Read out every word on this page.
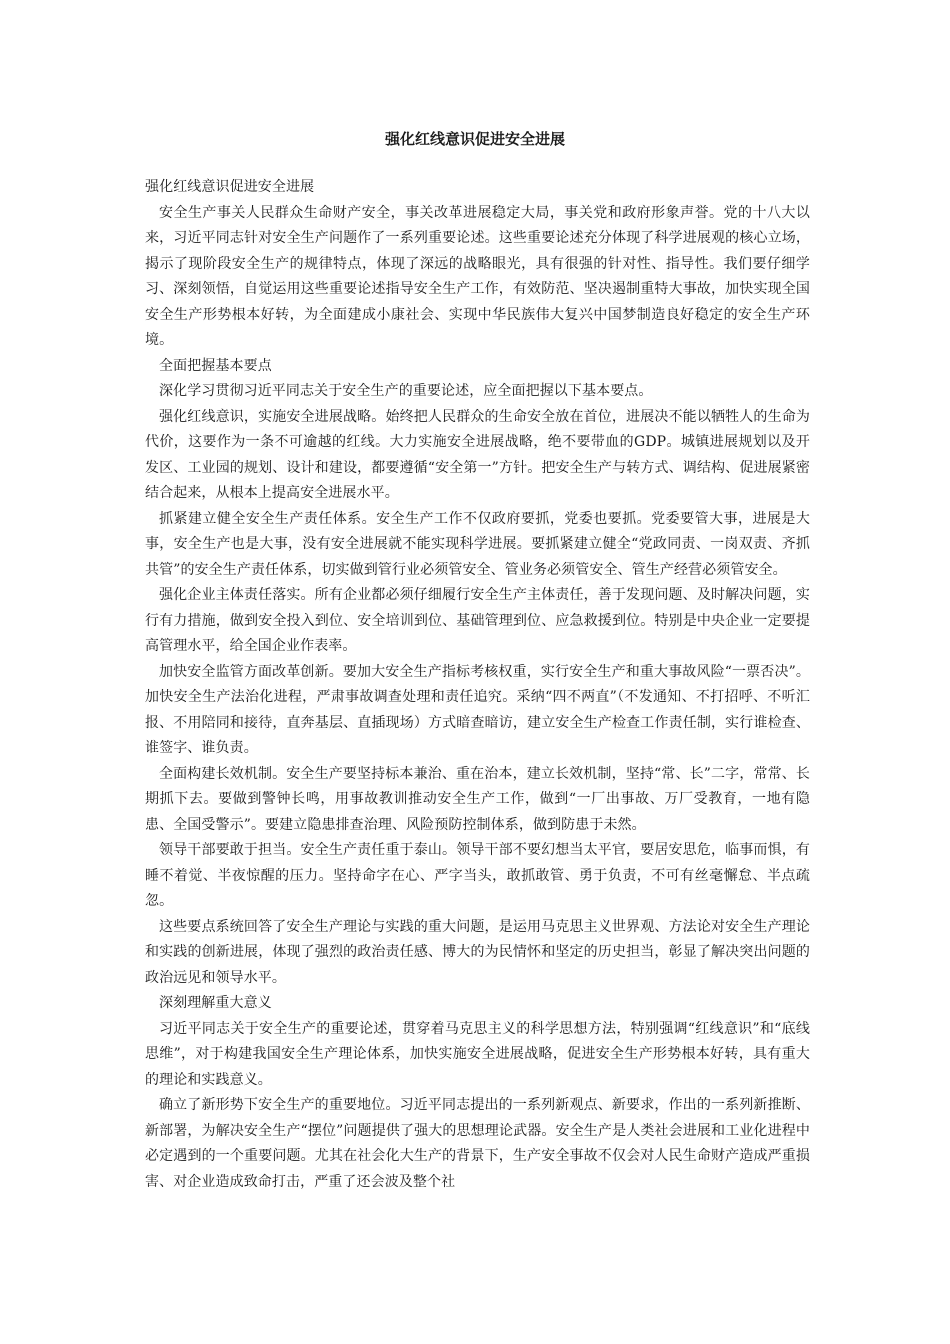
强化红线意识促进安全进展

强化红线意识促进安全进展

安全生产事关人民群众生命财产安全，事关改革进展稳定大局，事关党和政府形象声誉。党的十八大以来，习近平同志针对安全生产问题作了一系列重要论述。这些重要论述充分体现了科学进展观的核心立场，揭示了现阶段安全生产的规律特点，体现了深远的战略眼光，具有很强的针对性、指导性。我们要仔细学习、深刻领悟，自觉运用这些重要论述指导安全生产工作，有效防范、坚决遏制重特大事故，加快实现全国安全生产形势根本好转，为全面建成小康社会、实现中华民族伟大复兴中国梦制造良好稳定的安全生产环境。

全面把握基本要点

深化学习贯彻习近平同志关于安全生产的重要论述，应全面把握以下基本要点。

强化红线意识，实施安全进展战略。始终把人民群众的生命安全放在首位，进展决不能以牺牲人的生命为代价，这要作为一条不可逾越的红线。大力实施安全进展战略，绝不要带血的GDP。城镇进展规划以及开发区、工业园的规划、设计和建设，都要遵循“安全第一”方针。把安全生产与转方式、调结构、促进展紧密结合起来，从根本上提高安全进展水平。

抓紧建立健全安全生产责任体系。安全生产工作不仅政府要抓，党委也要抓。党委要管大事，进展是大事，安全生产也是大事，没有安全进展就不能实现科学进展。要抓紧建立健全“党政同责、一岗双责、齐抓共管”的安全生产责任体系，切实做到管行业必须管安全、管业务必须管安全、管生产经营必须管安全。

强化企业主体责任落实。所有企业都必须仔细履行安全生产主体责任，善于发现问题、及时解决问题，实行有力措施，做到安全投入到位、安全培训到位、基础管理到位、应急救援到位。特别是中央企业一定要提高管理水平，给全国企业作表率。

加快安全监管方面改革创新。要加大安全生产指标考核权重，实行安全生产和重大事故风险“一票否决”。加快安全生产法治化进程，严肃事故调查处理和责任追究。采纳“四不两直”（不发通知、不打招呼、不听汇报、不用陪同和接待，直奔基层、直插现场）方式暗查暗访，建立安全生产检查工作责任制，实行谁检查、谁签字、谁负责。

全面构建长效机制。安全生产要坚持标本兼治、重在治本，建立长效机制，坚持“常、长”二字，常常、长期抓下去。要做到警钟长鸣，用事故教训推动安全生产工作，做到“一厂出事故、万厂受教育，一地有隐患、全国受警示”。要建立隐患排查治理、风险预防控制体系，做到防患于未然。

领导干部要敢于担当。安全生产责任重于泰山。领导干部不要幻想当太平官，要居安思危，临事而惧，有睡不着觉、半夜惊醒的压力。坚持命字在心、严字当头，敢抓敢管、勇于负责，不可有丝毫懈怠、半点疏忽。

这些要点系统回答了安全生产理论与实践的重大问题，是运用马克思主义世界观、方法论对安全生产理论和实践的创新进展，体现了强烈的政治责任感、博大的为民情怀和坚定的历史担当，彰显了解决突出问题的政治远见和领导水平。

深刻理解重大意义

习近平同志关于安全生产的重要论述，贯穿着马克思主义的科学思想方法，特别强调“红线意识”和“底线思维”，对于构建我国安全生产理论体系，加快实施安全进展战略，促进安全生产形势根本好转，具有重大的理论和实践意义。

确立了新形势下安全生产的重要地位。习近平同志提出的一系列新观点、新要求，作出的一系列新推断、新部署，为解决安全生产“摆位”问题提供了强大的思想理论武器。安全生产是人类社会进展和工业化进程中必定遇到的一个重要问题。尤其在社会化大生产的背景下，生产安全事故不仅会对人民生命财产造成严重损害、对企业造成致命打击，严重了还会波及整个社
